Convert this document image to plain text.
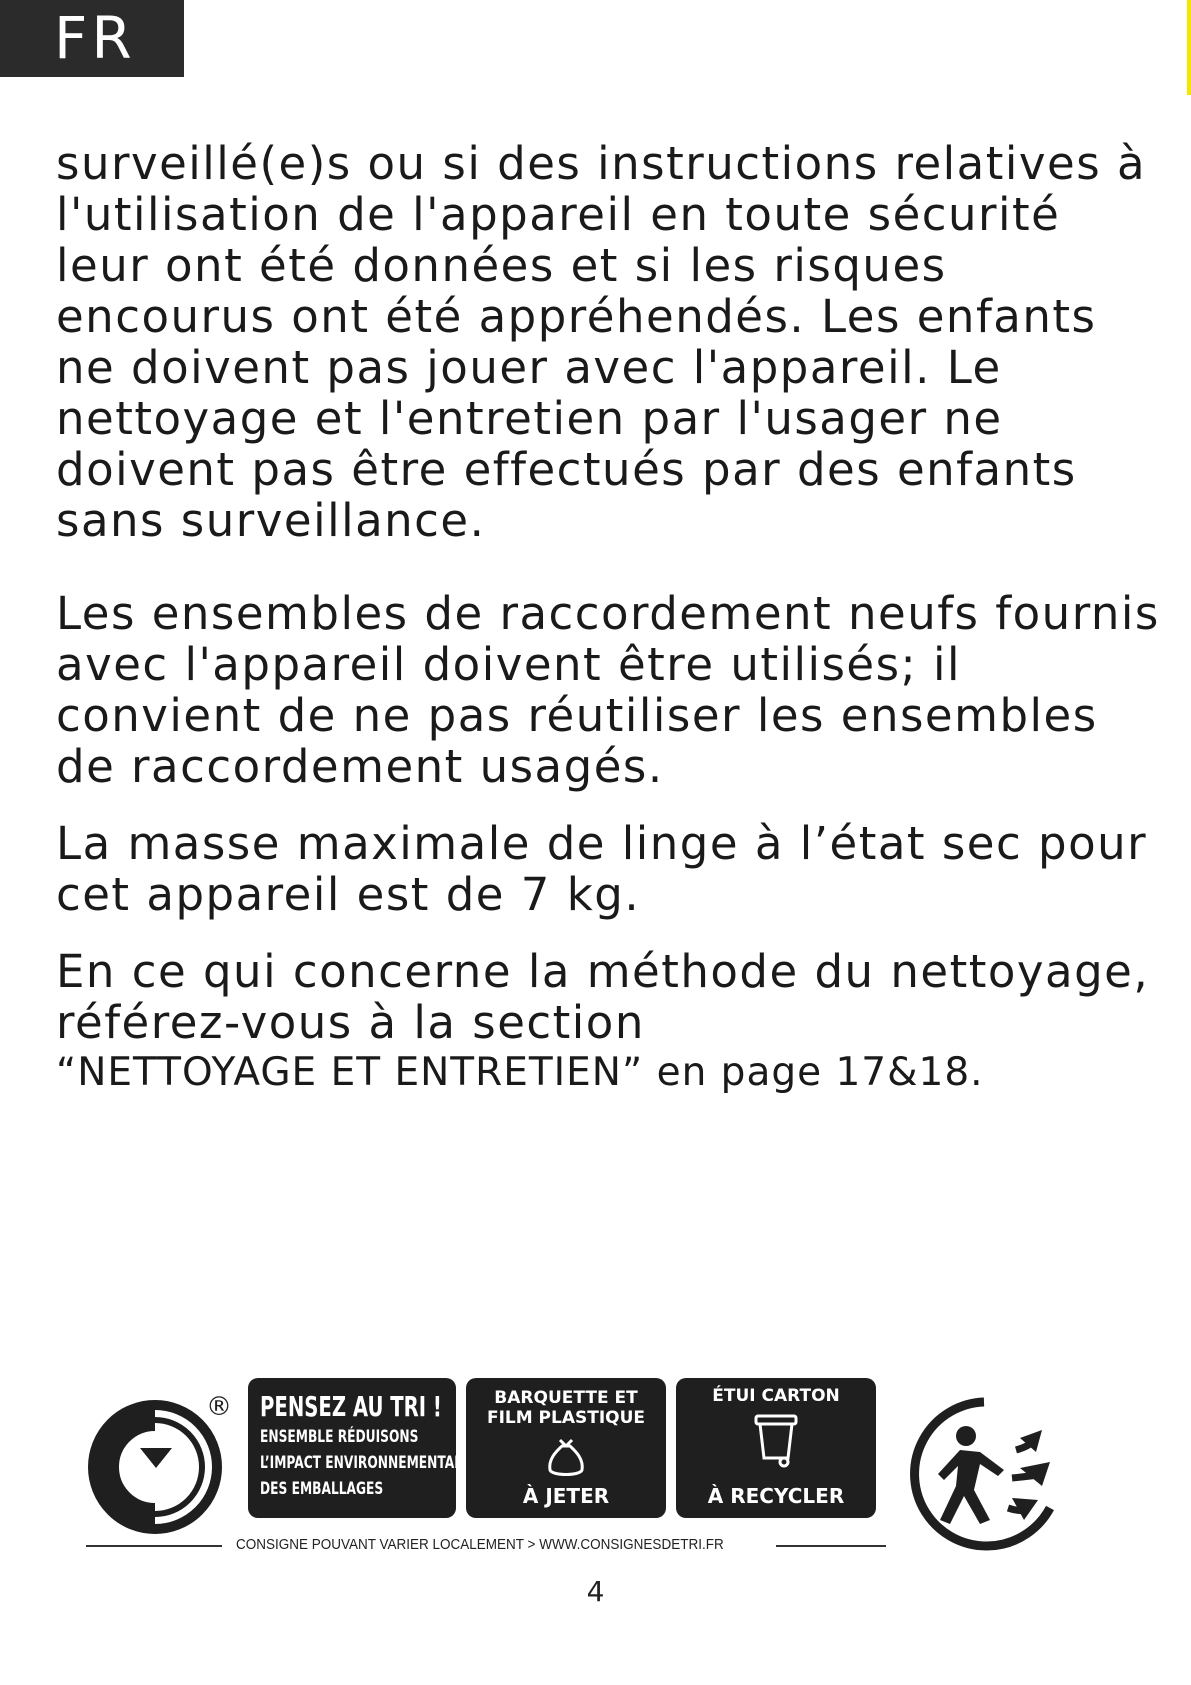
FR

surveillé(e)s ou si des instructions relatives à l'utilisation de l'appareil en toute sécurité leur ont été données et si les risques encourus ont été appréhendés. Les enfants ne doivent pas jouer avec l'appareil. Le nettoyage et l'entretien par l'usager ne doivent pas être effectués par des enfants sans surveillance.

Les ensembles de raccordement neufs fournis avec l'appareil doivent être utilisés; il convient de ne pas réutiliser les ensembles de raccordement usagés.

La masse maximale de linge à l’état sec pour cet appareil est de 7 kg.

En ce qui concerne la méthode du nettoyage, référez-vous à la section
“NETTOYAGE ET ENTRETIEN” en page 17&18.

® PENSEZ AU TRI !
ENSEMBLE RÉDUISONS
L’IMPACT ENVIRONNEMENTAL
DES EMBALLAGES
BARQUETTE ET
FILM PLASTIQUE
À JETER
ÉTUI CARTON
À RECYCLER
CONSIGNE POUVANT VARIER LOCALEMENT > WWW.CONSIGNESDETRI.FR
4
